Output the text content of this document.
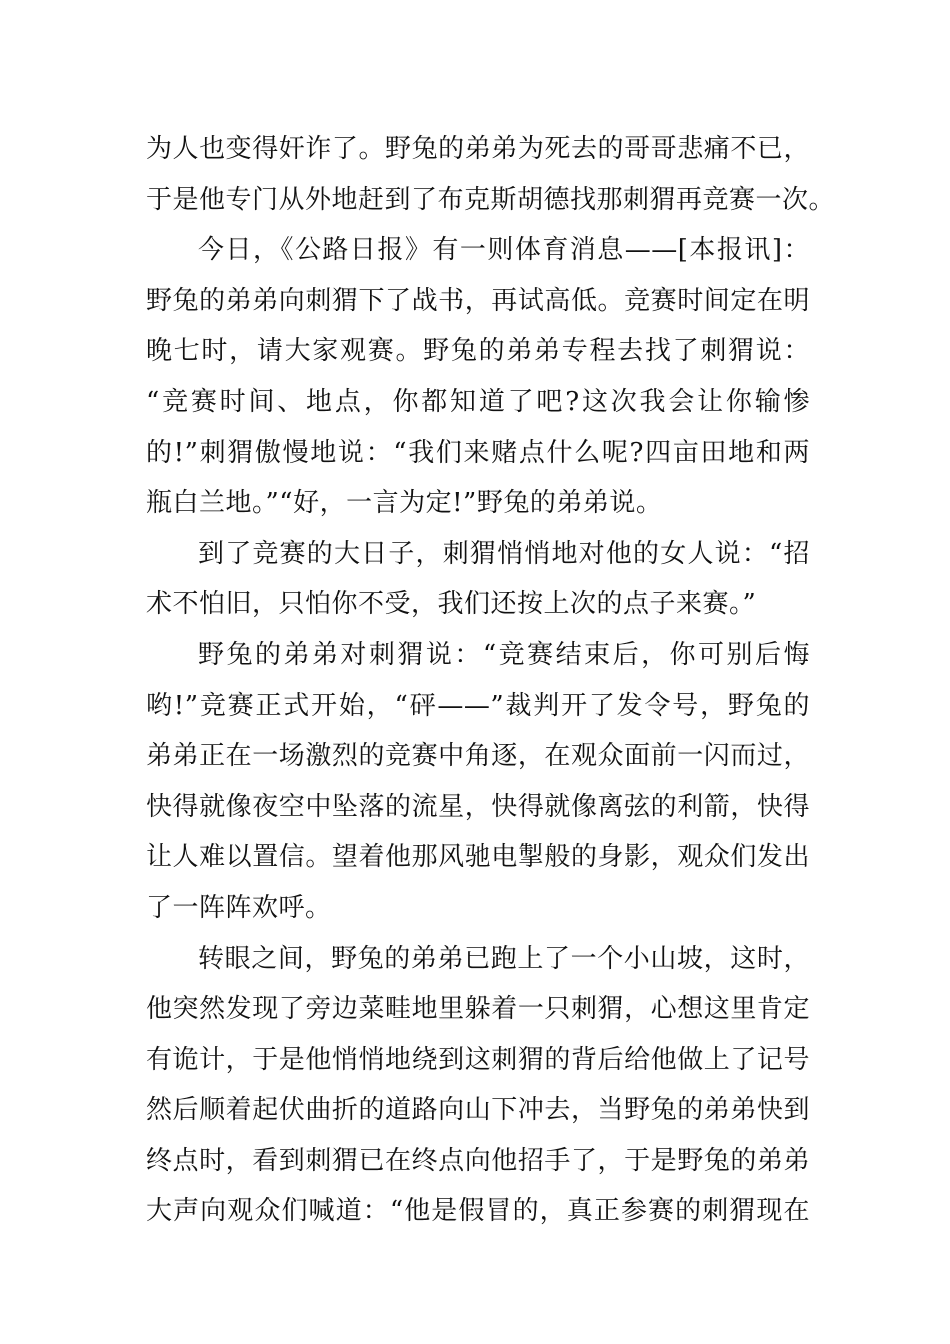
为人也变得奸诈了。野兔的弟弟为死去的哥哥悲痛不已，
于是他专门从外地赶到了布克斯胡德找那刺猬再竞赛一次。
今日，《公路日报》有一则体育消息——[本报讯]：
野兔的弟弟向刺猬下了战书，再试高低。竞赛时间定在明
晚七时，请大家观赛。野兔的弟弟专程去找了刺猬说：
“竞赛时间、地点，你都知道了吧?这次我会让你输惨
的!”刺猬傲慢地说：“我们来赌点什么呢?四亩田地和两
瓶白兰地。”“好，一言为定!”野兔的弟弟说。
到了竞赛的大日子，刺猬悄悄地对他的女人说：“招
术不怕旧，只怕你不受，我们还按上次的点子来赛。”
野兔的弟弟对刺猬说：“竞赛结束后，你可别后悔
哟!”竞赛正式开始，“砰——”裁判开了发令号，野兔的
弟弟正在一场激烈的竞赛中角逐，在观众面前一闪而过，
快得就像夜空中坠落的流星，快得就像离弦的利箭，快得
让人难以置信。望着他那风驰电掣般的身影，观众们发出
了一阵阵欢呼。
转眼之间，野兔的弟弟已跑上了一个小山坡，这时，
他突然发现了旁边菜畦地里躲着一只刺猬，心想这里肯定
有诡计，于是他悄悄地绕到这刺猬的背后给他做上了记号
然后顺着起伏曲折的道路向山下冲去，当野兔的弟弟快到
终点时，看到刺猬已在终点向他招手了，于是野兔的弟弟
大声向观众们喊道：“他是假冒的，真正参赛的刺猬现在
